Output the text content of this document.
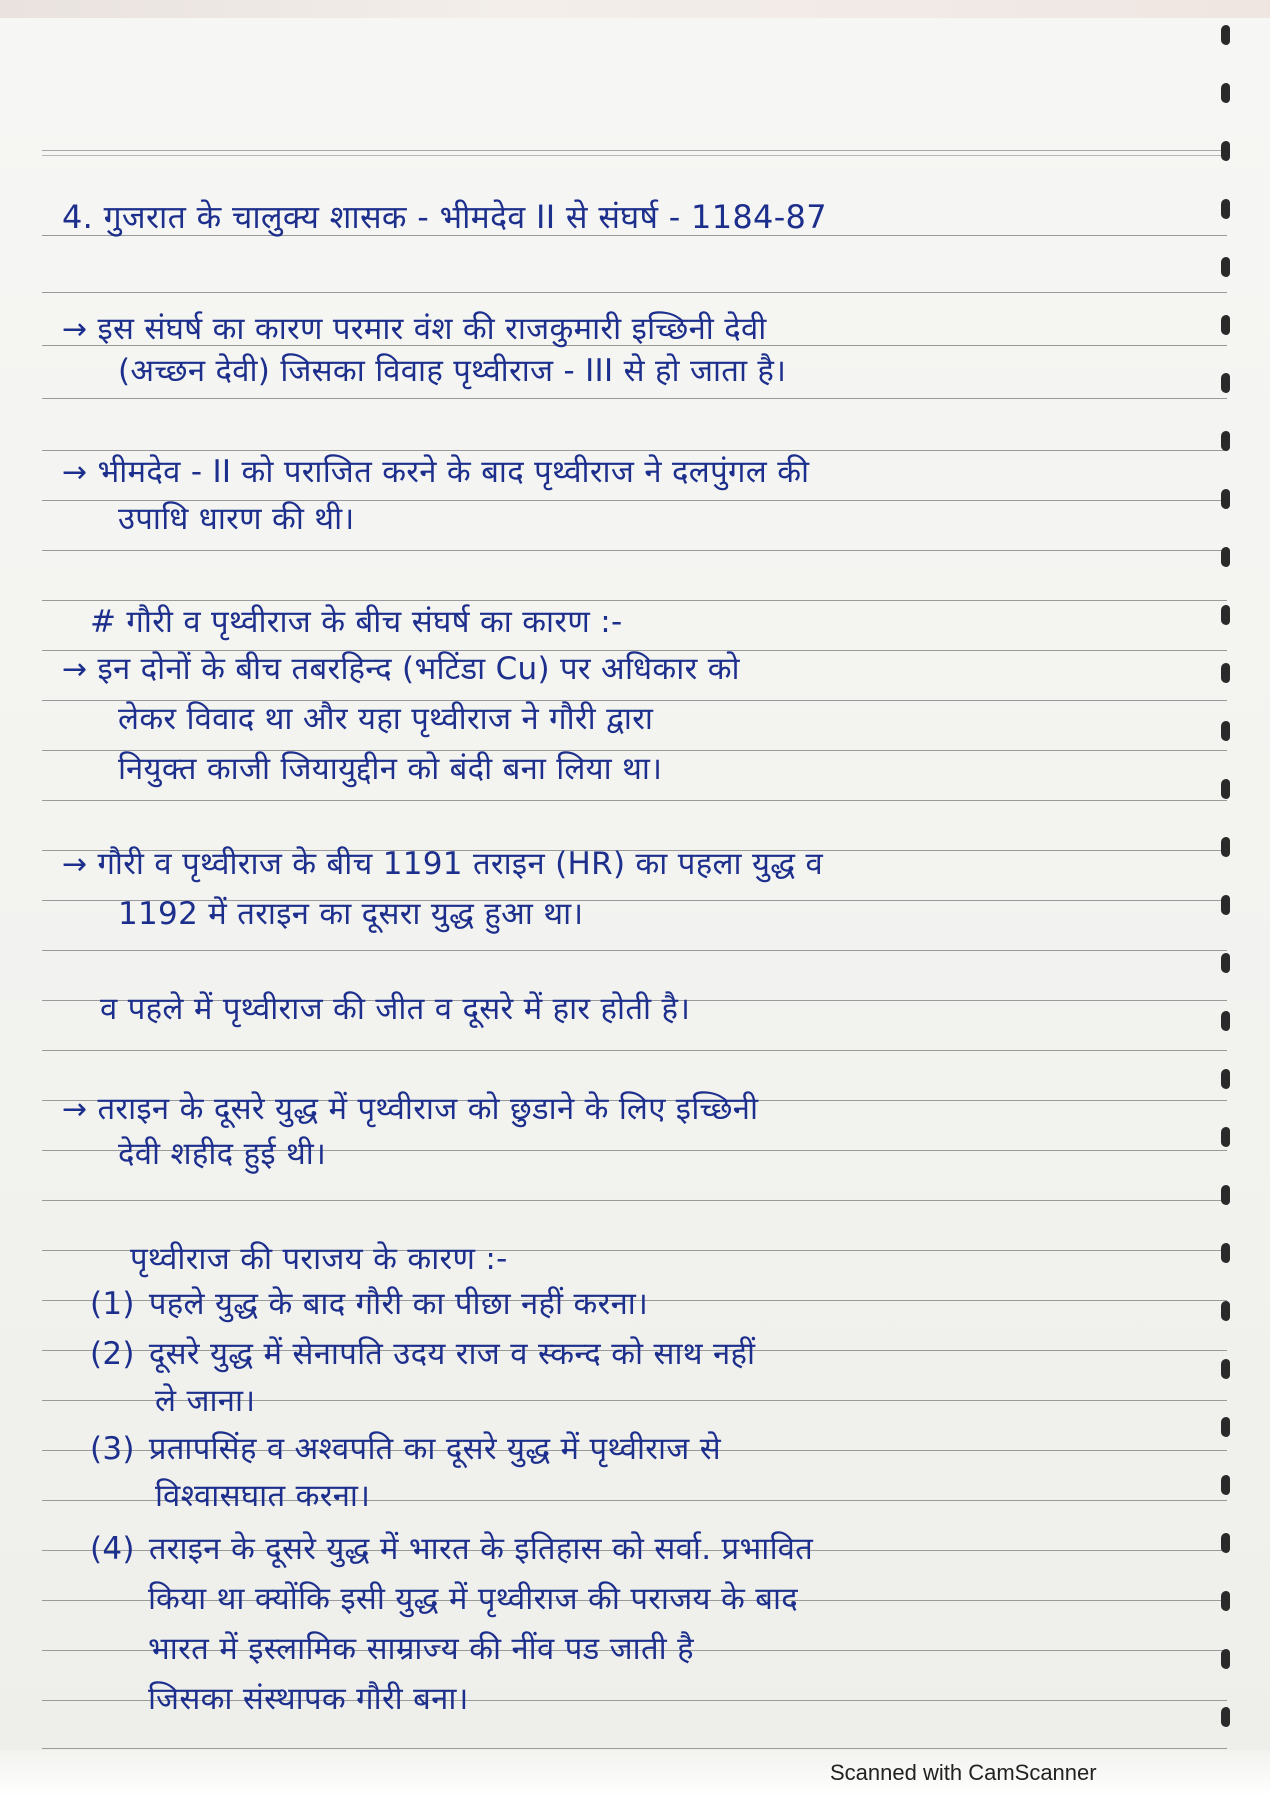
4. गुजरात के चालुक्य शासक - भीमदेव II से संघर्ष - 1184-87
→ इस संघर्ष का कारण परमार वंश की राजकुमारी इच्छिनी देवी
(अच्छन देवी) जिसका विवाह पृथ्वीराज - III से हो जाता है।
→ भीमदेव - II को पराजित करने के बाद पृथ्वीराज ने दलपुंगल की
उपाधि धारण की थी।
# गौरी व पृथ्वीराज के बीच संघर्ष का कारण :-
→ इन दोनों के बीच तबरहिन्द (भटिंडा Cu) पर अधिकार को
लेकर विवाद था और यहा पृथ्वीराज ने गौरी द्वारा
नियुक्त काजी जियायुद्दीन को बंदी बना लिया था।
→ गौरी व पृथ्वीराज के बीच 1191 तराइन (HR) का पहला युद्ध व
1192 में तराइन का दूसरा युद्ध हुआ था।
व पहले में पृथ्वीराज की जीत व दूसरे में हार होती है।
→ तराइन के दूसरे युद्ध में पृथ्वीराज को छुडाने के लिए इच्छिनी
देवी शहीद हुई थी।
पृथ्वीराज की पराजय के कारण :-
(1) पहले युद्ध के बाद गौरी का पीछा नहीं करना।
(2) दूसरे युद्ध में सेनापति उदय राज व स्कन्द को साथ नहीं
ले जाना।
(3) प्रतापसिंह व अश्वपति का दूसरे युद्ध में पृथ्वीराज से
विश्वासघात करना।
(4) तराइन के दूसरे युद्ध में भारत के इतिहास को सर्वा. प्रभावित
किया था क्योंकि इसी युद्ध में पृथ्वीराज की पराजय के बाद
भारत में इस्लामिक साम्राज्य की नींव पड जाती है
जिसका संस्थापक गौरी बना।
Scanned with CamScanner
